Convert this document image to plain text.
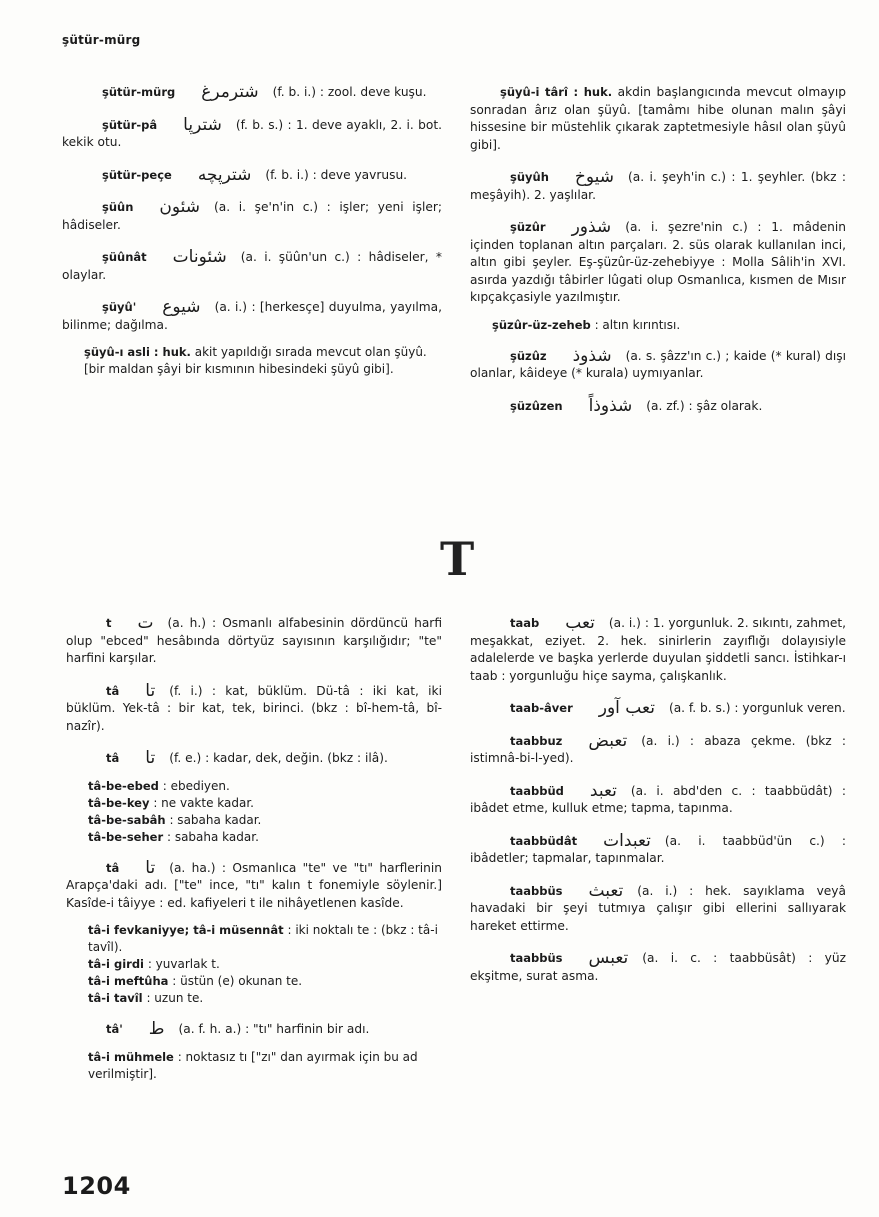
şütür-mürg
şütür-mürg شترمرغ (f. b. i.) : zool. deve kuşu.
şütür-pâ شترپا (f. b. s.) : 1. deve ayaklı, 2. i. bot. kekik otu.
şütür-peçe شترپچه (f. b. i.) : deve yavrusu.
şüûn شئون (a. i. şe'n'in c.) : işler; yeni işler; hâdiseler.
şüûnât شئونات (a. i. şüûn'un c.) : hâdiseler, * olaylar.
şüyû' شيوع (a. i.) : [herkesçe] duyulma, yayılma, bilinme; dağılma.
şüyû-ı asli : huk. akit yapıldığı sırada mevcut olan şüyû. [bir maldan şâyi bir kısmının hibesindeki şüyû gibi].
şüyû-i târî : huk. akdin başlangıcında mevcut olmayıp sonradan ârız olan şüyû. [tamâmı hibe olunan malın şâyi hissesine bir müstehlik çıkarak zaptetmesiyle hâsıl olan şüyû gibi].
şüyûh شيوخ (a. i. şeyh'in c.) : 1. şeyhler. (bkz : meşâyih). 2. yaşlılar.
şüzûr شذور (a. i. şezre'nin c.) : 1. mâdenin içinden toplanan altın parçaları. 2. süs olarak kullanılan inci, altın gibi şeyler. Eş-şüzûr-üz-zehebiyye : Molla Sâlih'in XVI. asırda yazdığı tâbirler lûgati olup Osmanlıca, kısmen de Mısır kıpçakçasiyle yazılmıştır.
şüzûr-üz-zeheb : altın kırıntısı.
şüzûz شذوذ (a. s. şâzz'ın c.) ; kaide (* kural) dışı olanlar, kâideye (* kurala) uymıyanlar.
şüzûzen شذوذاً (a. zf.) : şâz olarak.
T
t ت (a. h.) : Osmanlı alfabesinin dördüncü harfi olup "ebced" hesâbında dörtyüz sayısının karşılığıdır; "te" harfini karşılar.
tâ تا (f. i.) : kat, büklüm. Dü-tâ : iki kat, iki büklüm. Yek-tâ : bir kat, tek, birinci. (bkz : bî-hem-tâ, bî- nazîr).
tâ تا (f. e.) : kadar, dek, değin. (bkz : ilâ).
tâ-be-ebed : ebediyen.
tâ-be-key : ne vakte kadar.
tâ-be-sabâh : sabaha kadar.
tâ-be-seher : sabaha kadar.
tâ تا (a. ha.) : Osmanlıca "te" ve "tı" harflerinin Arapça'daki adı. ["te" ince, "tı" kalın t fonemiyle söylenir.] Kasîde-i tâiyye : ed. kafiyeleri t ile nihâyetlenen kasîde.
tâ-i fevkaniyye; tâ-i müsennât : iki noktalı te : (bkz : tâ-i tavîl).
tâ-i girdi : yuvarlak t.
tâ-i meftûha : üstün (e) okunan te.
tâ-i tavîl : uzun te.
tâ' ط (a. f. h. a.) : "tı" harfinin bir adı.
tâ-i mühmele : noktasız tı ["zı" dan ayırmak için bu ad verilmiştir].
taab تعب (a. i.) : 1. yorgunluk. 2. sıkıntı, zahmet, meşakkat, eziyet. 2. hek. sinirlerin zayıflığı dolayısiyle adalelerde ve başka yerlerde duyulan şiddetli sancı. İstihkar-ı taab : yorgunluğu hiçe sayma, çalışkanlık.
taab-âver تعب آور (a. f. b. s.) : yorgunluk veren.
taabbuz تعبض (a. i.) : abaza çekme. (bkz : istimnâ-bi-l-yed).
taabbüd تعبد (a. i. abd'den c. : taabbüdât) : ibâdet etme, kulluk etme; tapma, tapınma.
taabbüdât تعبدات (a. i. taabbüd'ün c.) : ibâdetler; tapmalar, tapınmalar.
taabbüs تعبث (a. i.) : hek. sayıklama veyâ havadaki bir şeyi tutmıya çalışır gibi ellerini sallıyarak hareket ettirme.
taabbüs تعبس (a. i. c. : taabbüsât) : yüz ekşitme, surat asma.
1204
